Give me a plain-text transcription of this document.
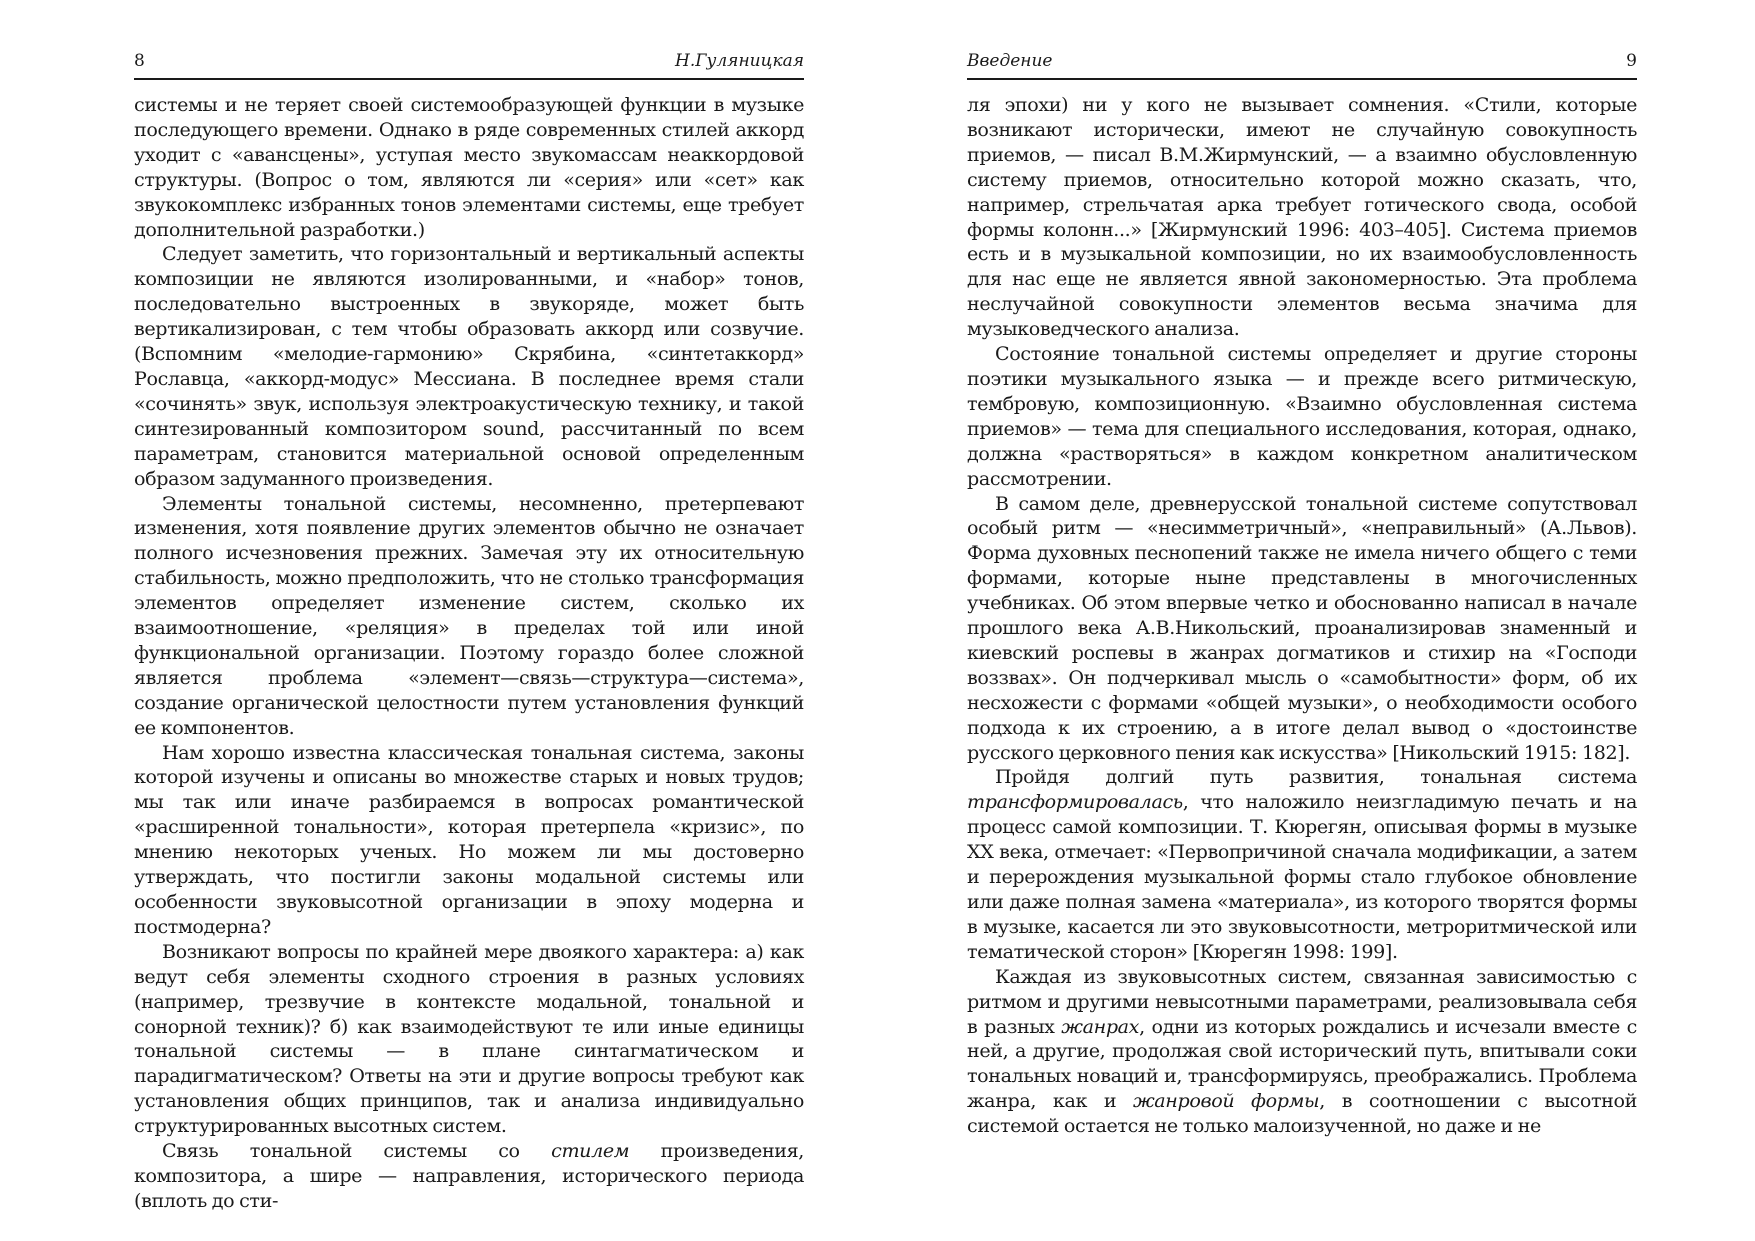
8	Н.Гуляницкая

системы и не теряет своей системообразующей функции в музыке последующего времени. Однако в ряде современных стилей аккорд уходит с «авансцены», уступая место звукомассам неаккордовой структуры. (Вопрос о том, являются ли «серия» или «сет» как звукокомплекс избранных тонов элементами системы, еще требует дополнительной разработки.)

Следует заметить, что горизонтальный и вертикальный аспекты композиции не являются изолированными, и «набор» тонов, последовательно выстроенных в звукоряде, может быть вертикализирован, с тем чтобы образовать аккорд или созвучие. (Вспомним «мелодие-гармонию» Скрябина, «синтетаккорд» Рославца, «аккорд-модус» Мессиана. В последнее время стали «сочинять» звук, используя электроакустическую технику, и такой синтезированный композитором sound, рассчитанный по всем параметрам, становится материальной основой определенным образом задуманного произведения.

Элементы тональной системы, несомненно, претерпевают изменения, хотя появление других элементов обычно не означает полного исчезновения прежних. Замечая эту их относительную стабильность, можно предположить, что не столько трансформация элементов определяет изменение систем, сколько их взаимоотношение, «реляция» в пределах той или иной функциональной организации. Поэтому гораздо более сложной является проблема «элемент—связь—структура—система», создание органической целостности путем установления функций ее компонентов.

Нам хорошо известна классическая тональная система, законы которой изучены и описаны во множестве старых и новых трудов; мы так или иначе разбираемся в вопросах романтической «расширенной тональности», которая претерпела «кризис», по мнению некоторых ученых. Но можем ли мы достоверно утверждать, что постигли законы модальной системы или особенности звуковысотной организации в эпоху модерна и постмодерна?

Возникают вопросы по крайней мере двоякого характера: а) как ведут себя элементы сходного строения в разных условиях (например, трезвучие в контексте модальной, тональной и сонорной техник)? б) как взаимодействуют те или иные единицы тональной системы — в плане синтагматическом и парадигматическом? Ответы на эти и другие вопросы требуют как установления общих принципов, так и анализа индивидуально структурированных высотных систем.

Связь тональной системы со стилем произведения, композитора, а шире — направления, исторического периода (вплоть до сти-

Введение	9

ля эпохи) ни у кого не вызывает сомнения. «Стили, которые возникают исторически, имеют не случайную совокупность приемов, — писал В.М.Жирмунский, — а взаимно обусловленную систему приемов, относительно которой можно сказать, что, например, стрельчатая арка требует готического свода, особой формы колонн...» [Жирмунский 1996: 403–405]. Система приемов есть и в музыкальной композиции, но их взаимообусловленность для нас еще не является явной закономерностью. Эта проблема неслучайной совокупности элементов весьма значима для музыковедческого анализа.

Состояние тональной системы определяет и другие стороны поэтики музыкального языка — и прежде всего ритмическую, тембровую, композиционную. «Взаимно обусловленная система приемов» — тема для специального исследования, которая, однако, должна «растворяться» в каждом конкретном аналитическом рассмотрении.

В самом деле, древнерусской тональной системе сопутствовал особый ритм — «несимметричный», «неправильный» (А.Львов). Форма духовных песнопений также не имела ничего общего с теми формами, которые ныне представлены в многочисленных учебниках. Об этом впервые четко и обоснованно написал в начале прошлого века А.В.Никольский, проанализировав знаменный и киевский роспевы в жанрах догматиков и стихир на «Господи воззвах». Он подчеркивал мысль о «самобытности» форм, об их несхожести с формами «общей музыки», о необходимости особого подхода к их строению, а в итоге делал вывод о «достоинстве русского церковного пения как искусства» [Никольский 1915: 182].

Пройдя долгий путь развития, тональная система трансформировалась, что наложило неизгладимую печать и на процесс самой композиции. Т. Кюрегян, описывая формы в музыке XX века, отмечает: «Первопричиной сначала модификации, а затем и перерождения музыкальной формы стало глубокое обновление или даже полная замена «материала», из которого творятся формы в музыке, касается ли это звуковысотности, метроритмической или тематической сторон» [Кюрегян 1998: 199].

Каждая из звуковысотных систем, связанная зависимостью с ритмом и другими невысотными параметрами, реализовывала себя в разных жанрах, одни из которых рождались и исчезали вместе с ней, а другие, продолжая свой исторический путь, впитывали соки тональных новаций и, трансформируясь, преображались. Проблема жанра, как и жанровой формы, в соотношении с высотной системой остается не только малоизученной, но даже и не
